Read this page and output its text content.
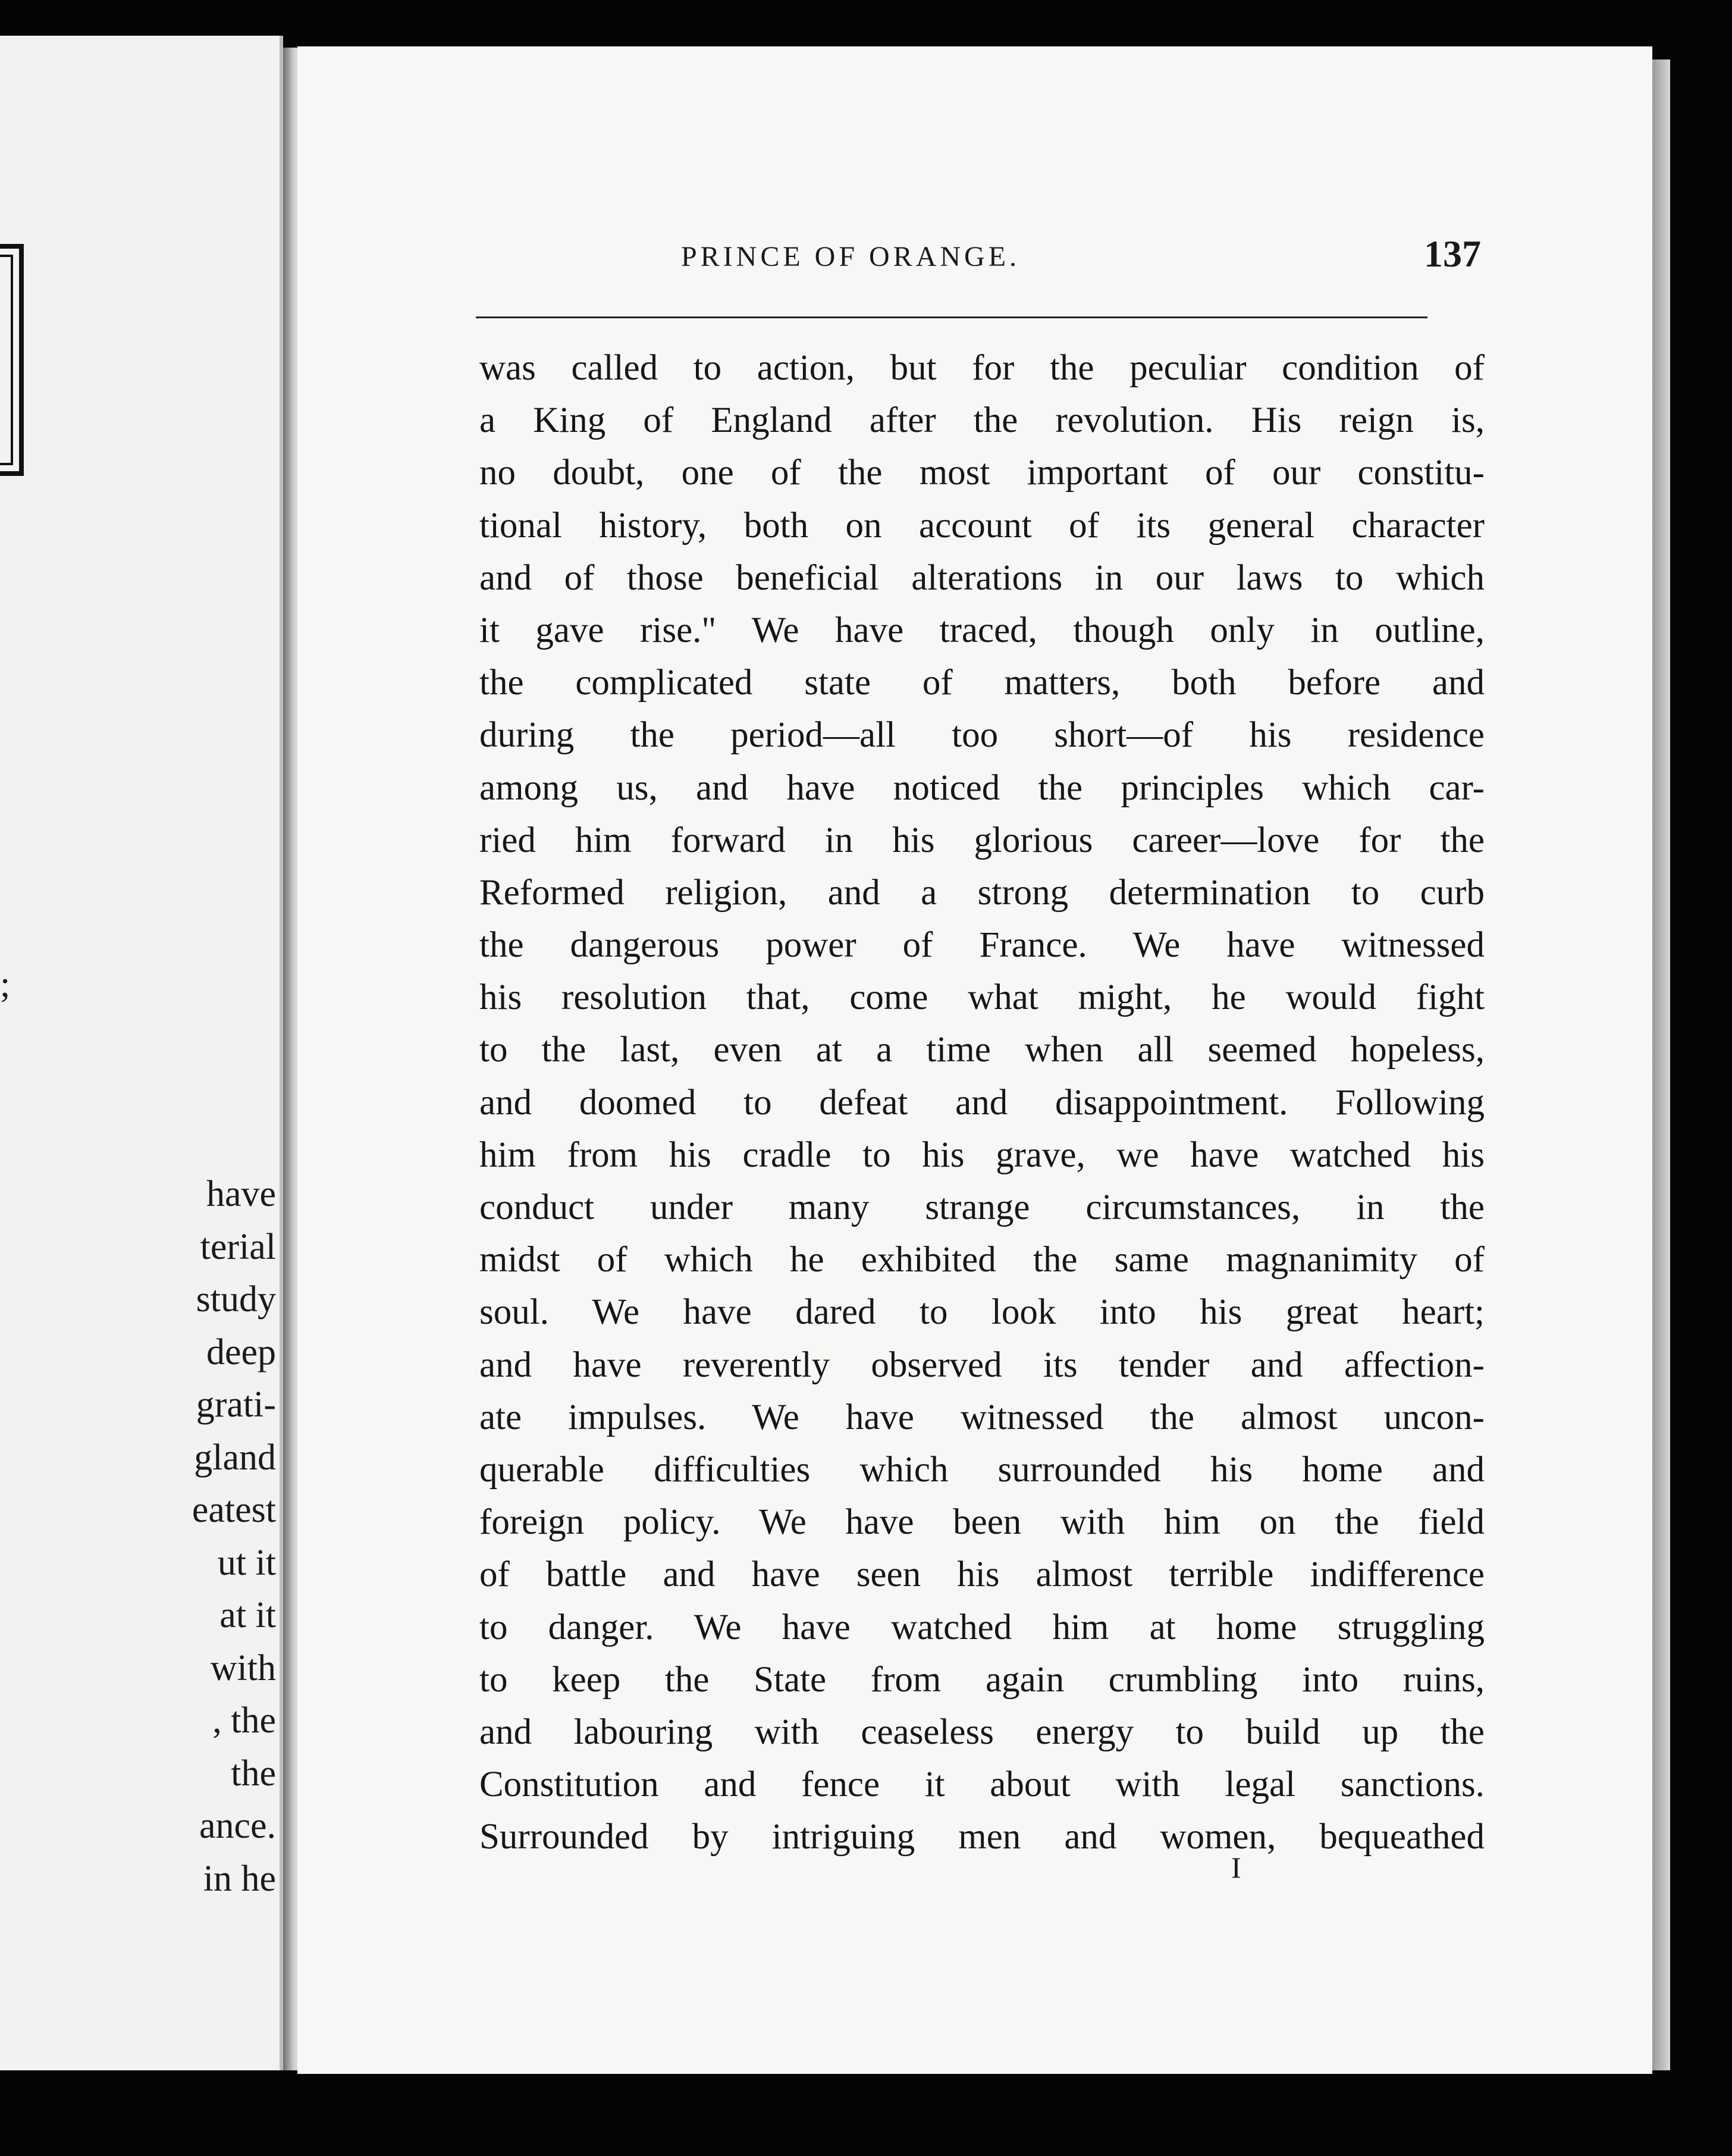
;
have
terial
study
deep
grati-
gland
eatest
ut it
at it
with
, the
the
ance.
in he
PRINCE OF ORANGE.	137
was called to action, but for the peculiar condition of
a King of England after the revolution. His reign is,
no doubt, one of the most important of our constitu-
tional history, both on account of its general character
and of those beneficial alterations in our laws to which
it gave rise." We have traced, though only in outline,
the complicated state of matters, both before and
during the period—all too short—of his residence
among us, and have noticed the principles which car-
ried him forward in his glorious career—love for the
Reformed religion, and a strong determination to curb
the dangerous power of France. We have witnessed
his resolution that, come what might, he would fight
to the last, even at a time when all seemed hopeless,
and doomed to defeat and disappointment. Following
him from his cradle to his grave, we have watched his
conduct under many strange circumstances, in the
midst of which he exhibited the same magnanimity of
soul. We have dared to look into his great heart;
and have reverently observed its tender and affection-
ate impulses. We have witnessed the almost uncon-
querable difficulties which surrounded his home and
foreign policy. We have been with him on the field
of battle and have seen his almost terrible indifference
to danger. We have watched him at home struggling
to keep the State from again crumbling into ruins,
and labouring with ceaseless energy to build up the
Constitution and fence it about with legal sanctions.
Surrounded by intriguing men and women, bequeathed
I
